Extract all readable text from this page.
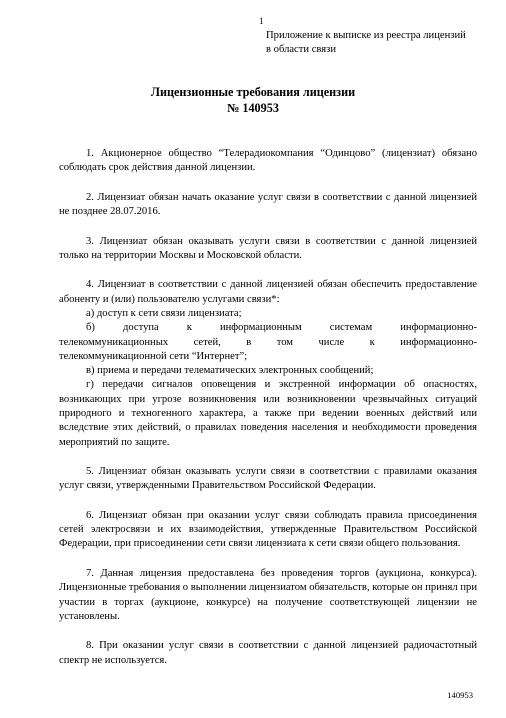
1
Приложение к выписке из реестра лицензий
в области связи
Лицензионные требования лицензии
№ 140953

1. Акционерное общество “Телерадиокомпания “Одинцово” (лицензиат) обязано соблюдать срок действия данной лицензии.

2. Лицензиат обязан начать оказание услуг связи в соответствии с данной лицензией не позднее 28.07.2016.

3. Лицензиат обязан оказывать услуги связи в соответствии с данной лицензией только на территории Москвы и Московской области.

4. Лицензиат в соответствии с данной лицензией обязан обеспечить предоставление абоненту и (или) пользователю услугами связи*:

а) доступ к сети связи лицензиата;

б) доступа к информационным системам информационно-

телекоммуникационных сетей, в том числе к информационно-

телекоммуникационной сети “Интернет”;

в) приема и передачи телематических электронных сообщений;

г) передачи сигналов оповещения и экстренной информации об опасностях, возникающих при угрозе возникновения или возникновении чрезвычайных ситуаций природного и техногенного характера, а также при ведении военных действий или вследствие этих действий, о правилах поведения населения и необходимости проведения мероприятий по защите.

5. Лицензиат обязан оказывать услуги связи в соответствии с правилами оказания услуг связи, утвержденными Правительством Российской Федерации.

6. Лицензиат обязан при оказании услуг связи соблюдать правила присоединения сетей электросвязи и их взаимодействия, утвержденные Правительством Российской Федерации, при присоединении сети связи лицензиата к сети связи общего пользования.

7. Данная лицензия предоставлена без проведения торгов (аукциона, конкурса). Лицензионные требования о выполнении лицензиатом обязательств, которые он принял при участии в торгах (аукционе, конкурсе) на получение соответствующей лицензии не установлены.

8. При оказании услуг связи в соответствии с данной лицензией радиочастотный спектр не используется.

140953
